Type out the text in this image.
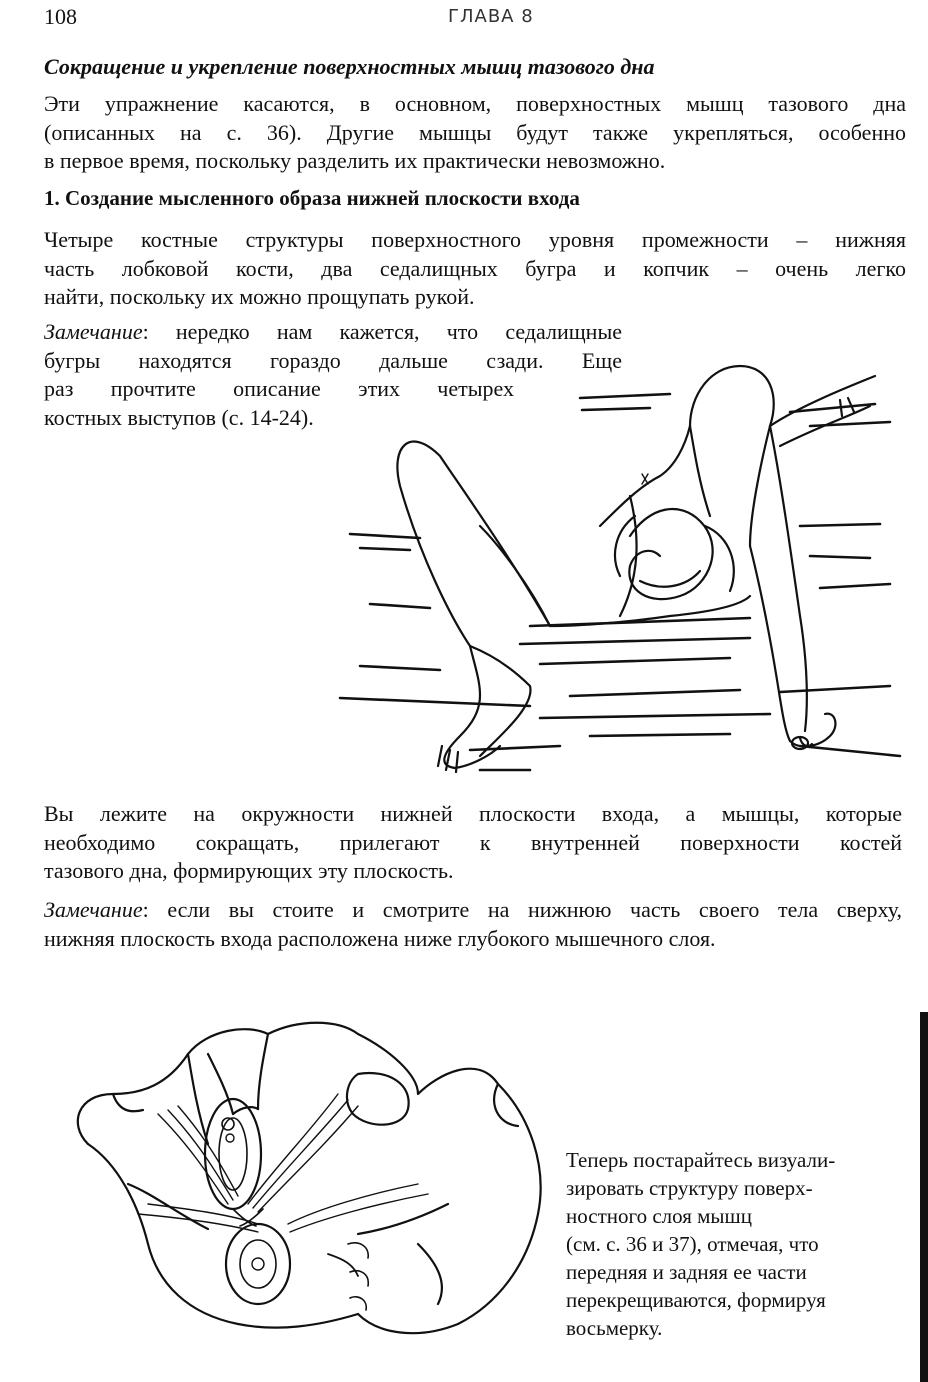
108	ГЛАВА 8
Сокращение и укрепление поверхностных мышц тазового дна
Эти упражнение касаются, в основном, поверхностных мышц тазового дна
(описанных на с. 36). Другие мышцы будут также укрепляться, особенно
в первое время, поскольку разделить их практически невозможно.
1. Создание мысленного образа нижней плоскости входа
Четыре костные структуры поверхностного уровня промежности – нижняя
часть лобковой кости, два седалищных бугра и копчик – очень легко
найти, поскольку их можно прощупать рукой.
Замечание: нередко нам кажется, что седалищные
бугры находятся гораздо дальше сзади. Еще
раз прочтите описание этих четырех
костных выступов (с. 14-24).
Вы лежите на окружности нижней плоскости входа, а мышцы, которые
необходимо сокращать, прилегают к внутренней поверхности костей
тазового дна, формирующих эту плоскость.
Замечание: если вы стоите и смотрите на нижнюю часть своего тела сверху,
нижняя плоскость входа расположена ниже глубокого мышечного слоя.
Теперь постарайтесь визуали-
зировать структуру поверх-
ностного слоя мышц
(см. с. 36 и 37), отмечая, что
передняя и задняя ее части
перекрещиваются, формируя
восьмерку.
